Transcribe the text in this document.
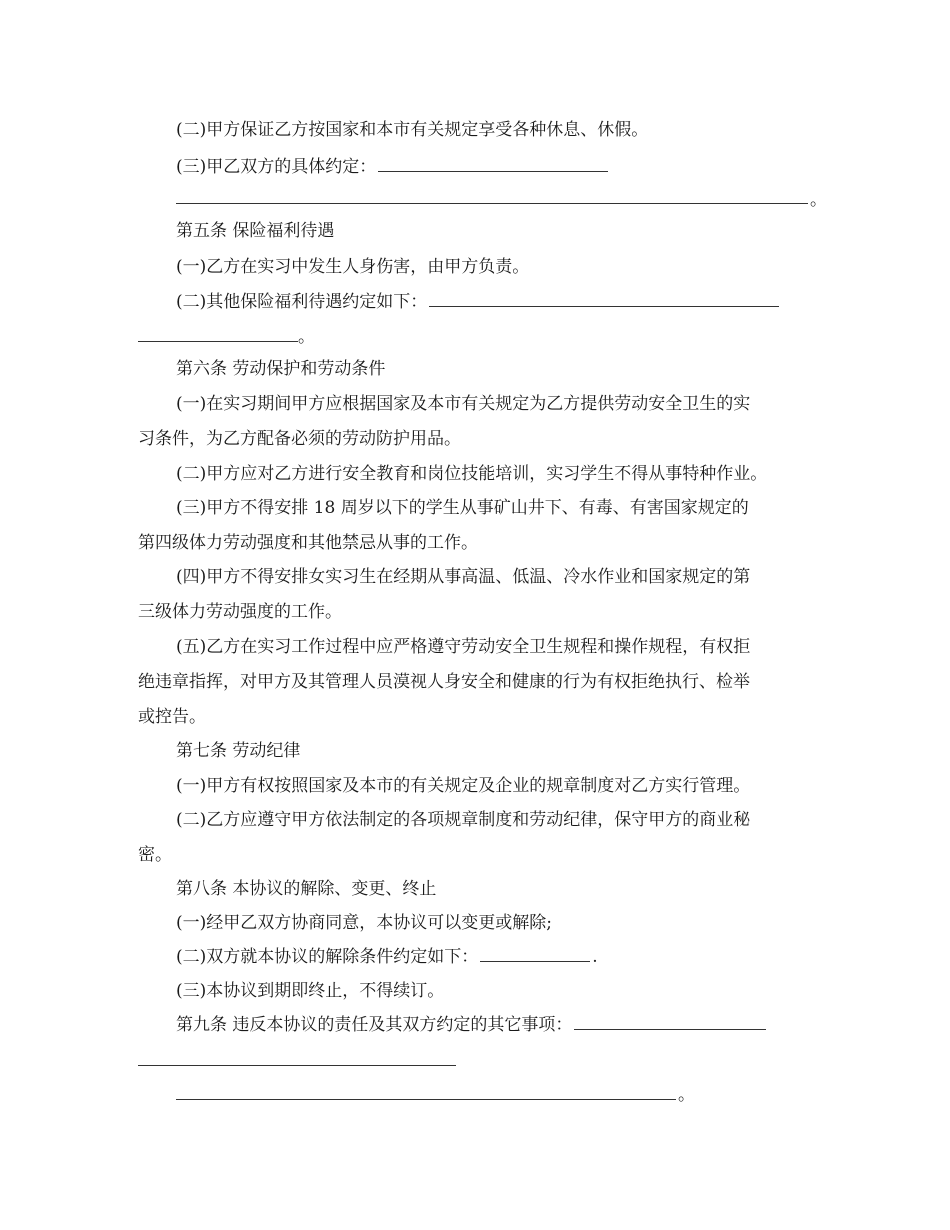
(二)甲方保证乙方按国家和本市有关规定享受各种休息、休假。
(三)甲乙双方的具体约定：
。
第五条 保险福利待遇
(一)乙方在实习中发生人身伤害，由甲方负责。
(二)其他保险福利待遇约定如下：
。
第六条 劳动保护和劳动条件
(一)在实习期间甲方应根据国家及本市有关规定为乙方提供劳动安全卫生的实
习条件，为乙方配备必须的劳动防护用品。
(二)甲方应对乙方进行安全教育和岗位技能培训，实习学生不得从事特种作业。
(三)甲方不得安排 18 周岁以下的学生从事矿山井下、有毒、有害国家规定的
第四级体力劳动强度和其他禁忌从事的工作。
(四)甲方不得安排女实习生在经期从事高温、低温、冷水作业和国家规定的第
三级体力劳动强度的工作。
(五)乙方在实习工作过程中应严格遵守劳动安全卫生规程和操作规程，有权拒
绝违章指挥，对甲方及其管理人员漠视人身安全和健康的行为有权拒绝执行、检举
或控告。
第七条 劳动纪律
(一)甲方有权按照国家及本市的有关规定及企业的规章制度对乙方实行管理。
(二)乙方应遵守甲方依法制定的各项规章制度和劳动纪律，保守甲方的商业秘
密。
第八条 本协议的解除、变更、终止
(一)经甲乙双方协商同意，本协议可以变更或解除;
(二)双方就本协议的解除条件约定如下：	.
(三)本协议到期即终止，不得续订。
第九条 违反本协议的责任及其双方约定的其它事项：
。
